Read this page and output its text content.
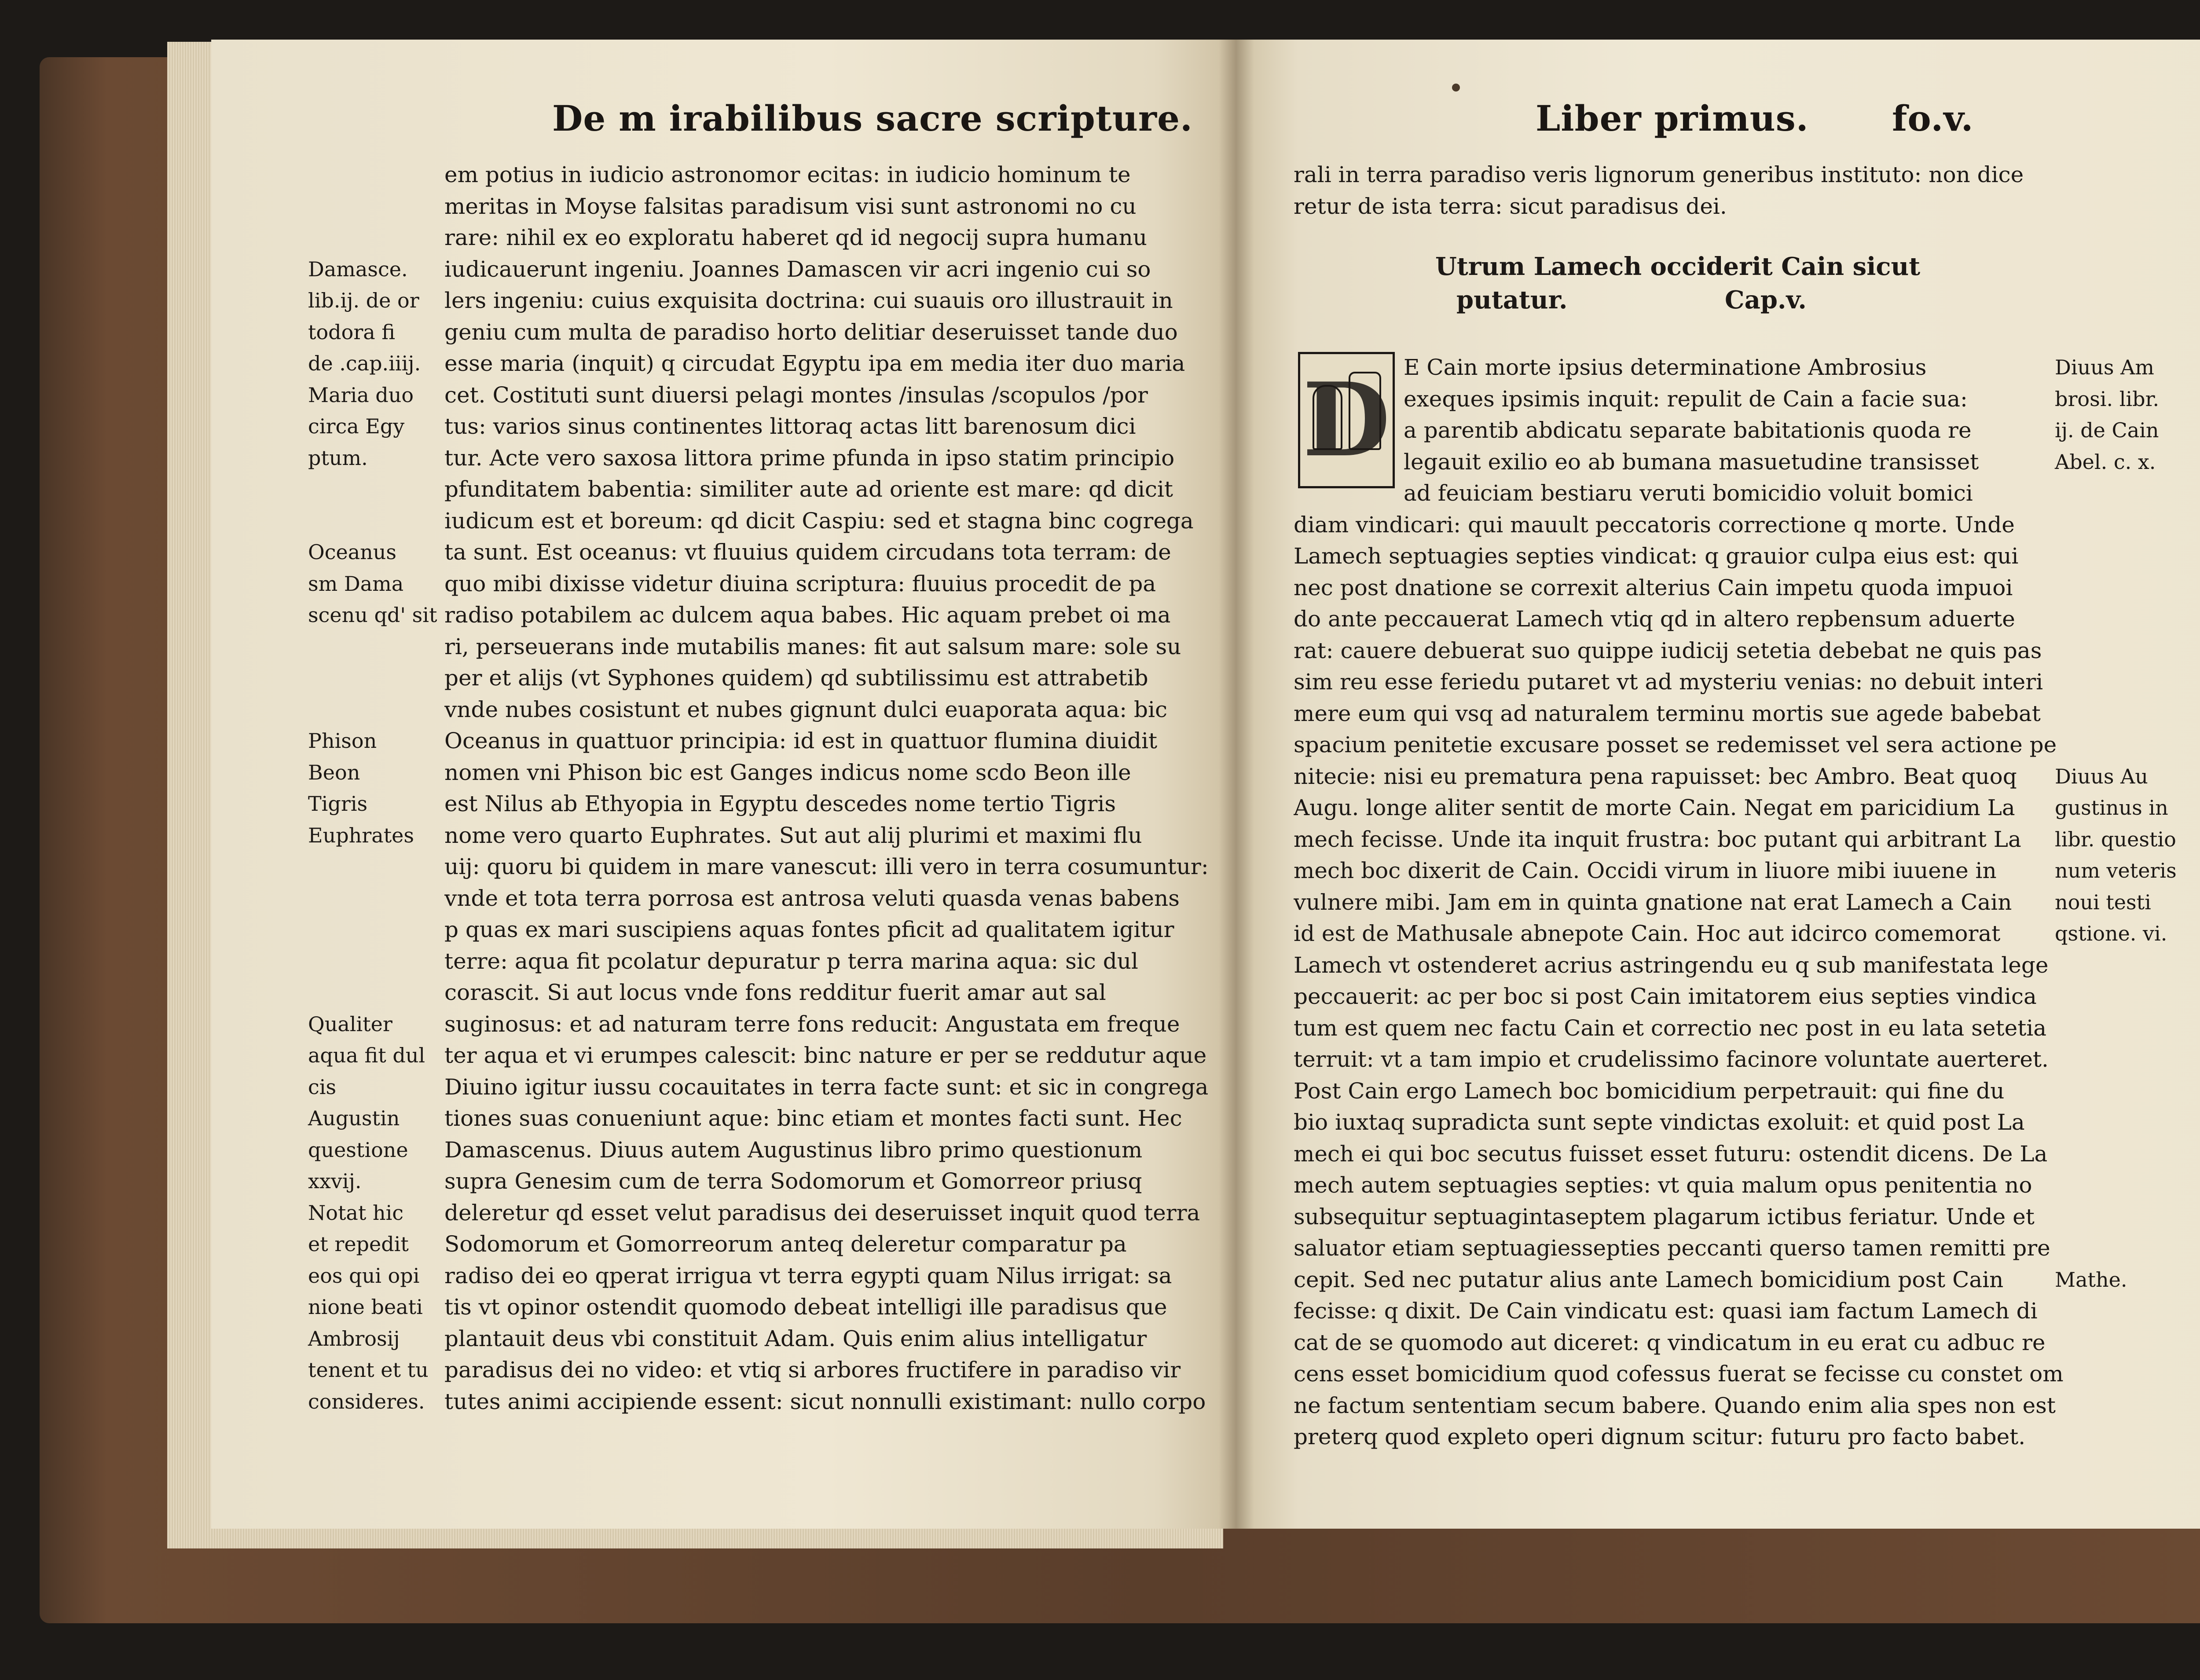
De m irabilibus sacre scripture.
em potius in iudicio astronomor ecitas: in iudicio hominum te
meritas in Moyse falsitas paradisum visi sunt astronomi no cu
rare: nihil ex eo exploratu haberet qd id negocij supra humanu
iudicauerunt ingeniu. Joannes Damascen vir acri ingenio cui so
lers ingeniu: cuius exquisita doctrina: cui suauis oro illustrauit in
geniu cum multa de paradiso horto delitiar deseruisset tande duo
esse maria (inquit) q circudat Egyptu ipa em media iter duo maria
cet. Costituti sunt diuersi pelagi montes /insulas /scopulos /por
tus: varios sinus continentes littoraq actas litt barenosum dici
tur. Acte vero saxosa littora prime pfunda in ipso statim principio
pfunditatem babentia: similiter aute ad oriente est mare: qd dicit
iudicum est et boreum: qd dicit Caspiu: sed et stagna binc cogrega
ta sunt. Est oceanus: vt fluuius quidem circudans tota terram: de
quo mibi dixisse videtur diuina scriptura: fluuius procedit de pa
radiso potabilem ac dulcem aqua babes. Hic aquam prebet oi ma
ri, perseuerans inde mutabilis manes: fit aut salsum mare: sole su
per et alijs (vt Syphones quidem) qd subtilissimu est attrabetib
vnde nubes cosistunt et nubes gignunt dulci euaporata aqua: bic
Oceanus in quattuor principia: id est in quattuor flumina diuidit
nomen vni Phison bic est Ganges indicus nome scdo Beon ille
est Nilus ab Ethyopia in Egyptu descedes nome tertio Tigris
nome vero quarto Euphrates. Sut aut alij plurimi et maximi flu
uij: quoru bi quidem in mare vanescut: illi vero in terra cosumuntur:
vnde et tota terra porrosa est antrosa veluti quasda venas babens
p quas ex mari suscipiens aquas fontes pficit ad qualitatem igitur
terre: aqua fit pcolatur depuratur p terra marina aqua: sic dul
corascit. Si aut locus vnde fons redditur fuerit amar aut sal
suginosus: et ad naturam terre fons reducit: Angustata em freque
ter aqua et vi erumpes calescit: binc nature er per se reddutur aque
Diuino igitur iussu cocauitates in terra facte sunt: et sic in congrega
tiones suas conueniunt aque: binc etiam et montes facti sunt. Hec
Damascenus. Diuus autem Augustinus libro primo questionum
supra Genesim cum de terra Sodomorum et Gomorreor priusq
deleretur qd esset velut paradisus dei deseruisset inquit quod terra
Sodomorum et Gomorreorum anteq deleretur comparatur pa
radiso dei eo qperat irrigua vt terra egypti quam Nilus irrigat: sa
tis vt opinor ostendit quomodo debeat intelligi ille paradisus que
plantauit deus vbi constituit Adam. Quis enim alius intelligatur
paradisus dei no video: et vtiq si arbores fructifere in paradiso vir
tutes animi accipiende essent: sicut nonnulli existimant: nullo corpo
Damasce.
lib.ij. de or
todora fi
de .cap.iiij.
Maria duo
circa Egy
ptum.
Oceanus
sm Dama
scenu qd' sit
Phison
Beon
Tigris
Euphrates
Qualiter
aqua fit dul
cis
Augustin
questione
xxvij.
Notat hic
et repedit
eos qui opi
nione beati
Ambrosij
tenent et tu
consideres.
Liber primus. fo.v.
rali in terra paradiso veris lignorum generibus instituto: non dice
retur de ista terra: sicut paradisus dei.
Utrum Lamech occiderit Cain sicut
putatur.	Cap.v.
D E Cain morte ipsius determinatione Ambrosius
exeques ipsimis inquit: repulit de Cain a facie sua:
a parentib abdicatu separate babitationis quoda re
legauit exilio eo ab bumana masuetudine transisset
ad feuiciam bestiaru veruti bomicidio voluit bomici
diam vindicari: qui mauult peccatoris correctione q morte. Unde
Lamech septuagies septies vindicat: q grauior culpa eius est: qui
nec post dnatione se correxit alterius Cain impetu quoda impuoi
do ante peccauerat Lamech vtiq qd in altero repbensum aduerte
rat: cauere debuerat suo quippe iudicij setetia debebat ne quis pas
sim reu esse feriedu putaret vt ad mysteriu venias: no debuit interi
mere eum qui vsq ad naturalem terminu mortis sue agede babebat
spacium penitetie excusare posset se redemisset vel sera actione pe
nitecie: nisi eu prematura pena rapuisset: bec Ambro. Beat quoq
Augu. longe aliter sentit de morte Cain. Negat em paricidium La
mech fecisse. Unde ita inquit frustra: boc putant qui arbitrant La
mech boc dixerit de Cain. Occidi virum in liuore mibi iuuene in
vulnere mibi. Jam em in quinta gnatione nat erat Lamech a Cain
id est de Mathusale abnepote Cain. Hoc aut idcirco comemorat
Lamech vt ostenderet acrius astringendu eu q sub manifestata lege
peccauerit: ac per boc si post Cain imitatorem eius septies vindica
tum est quem nec factu Cain et correctio nec post in eu lata setetia
terruit: vt a tam impio et crudelissimo facinore voluntate auerteret.
Post Cain ergo Lamech boc bomicidium perpetrauit: qui fine du
bio iuxtaq supradicta sunt septe vindictas exoluit: et quid post La
mech ei qui boc secutus fuisset esset futuru: ostendit dicens. De La
mech autem septuagies septies: vt quia malum opus penitentia no
subsequitur septuagintaseptem plagarum ictibus feriatur. Unde et
saluator etiam septuagiessepties peccanti querso tamen remitti pre
cepit. Sed nec putatur alius ante Lamech bomicidium post Cain
fecisse: q dixit. De Cain vindicatu est: quasi iam factum Lamech di
cat de se quomodo aut diceret: q vindicatum in eu erat cu adbuc re
cens esset bomicidium quod cofessus fuerat se fecisse cu constet om
ne factum sententiam secum babere. Quando enim alia spes non est
preterq quod expleto operi dignum scitur: futuru pro facto babet.
Diuus Am
brosi. libr.
ij. de Cain
Abel. c. x.
Diuus Au
gustinus in
libr. questio
num veteris
noui testi
qstione. vi.
Mathe.
